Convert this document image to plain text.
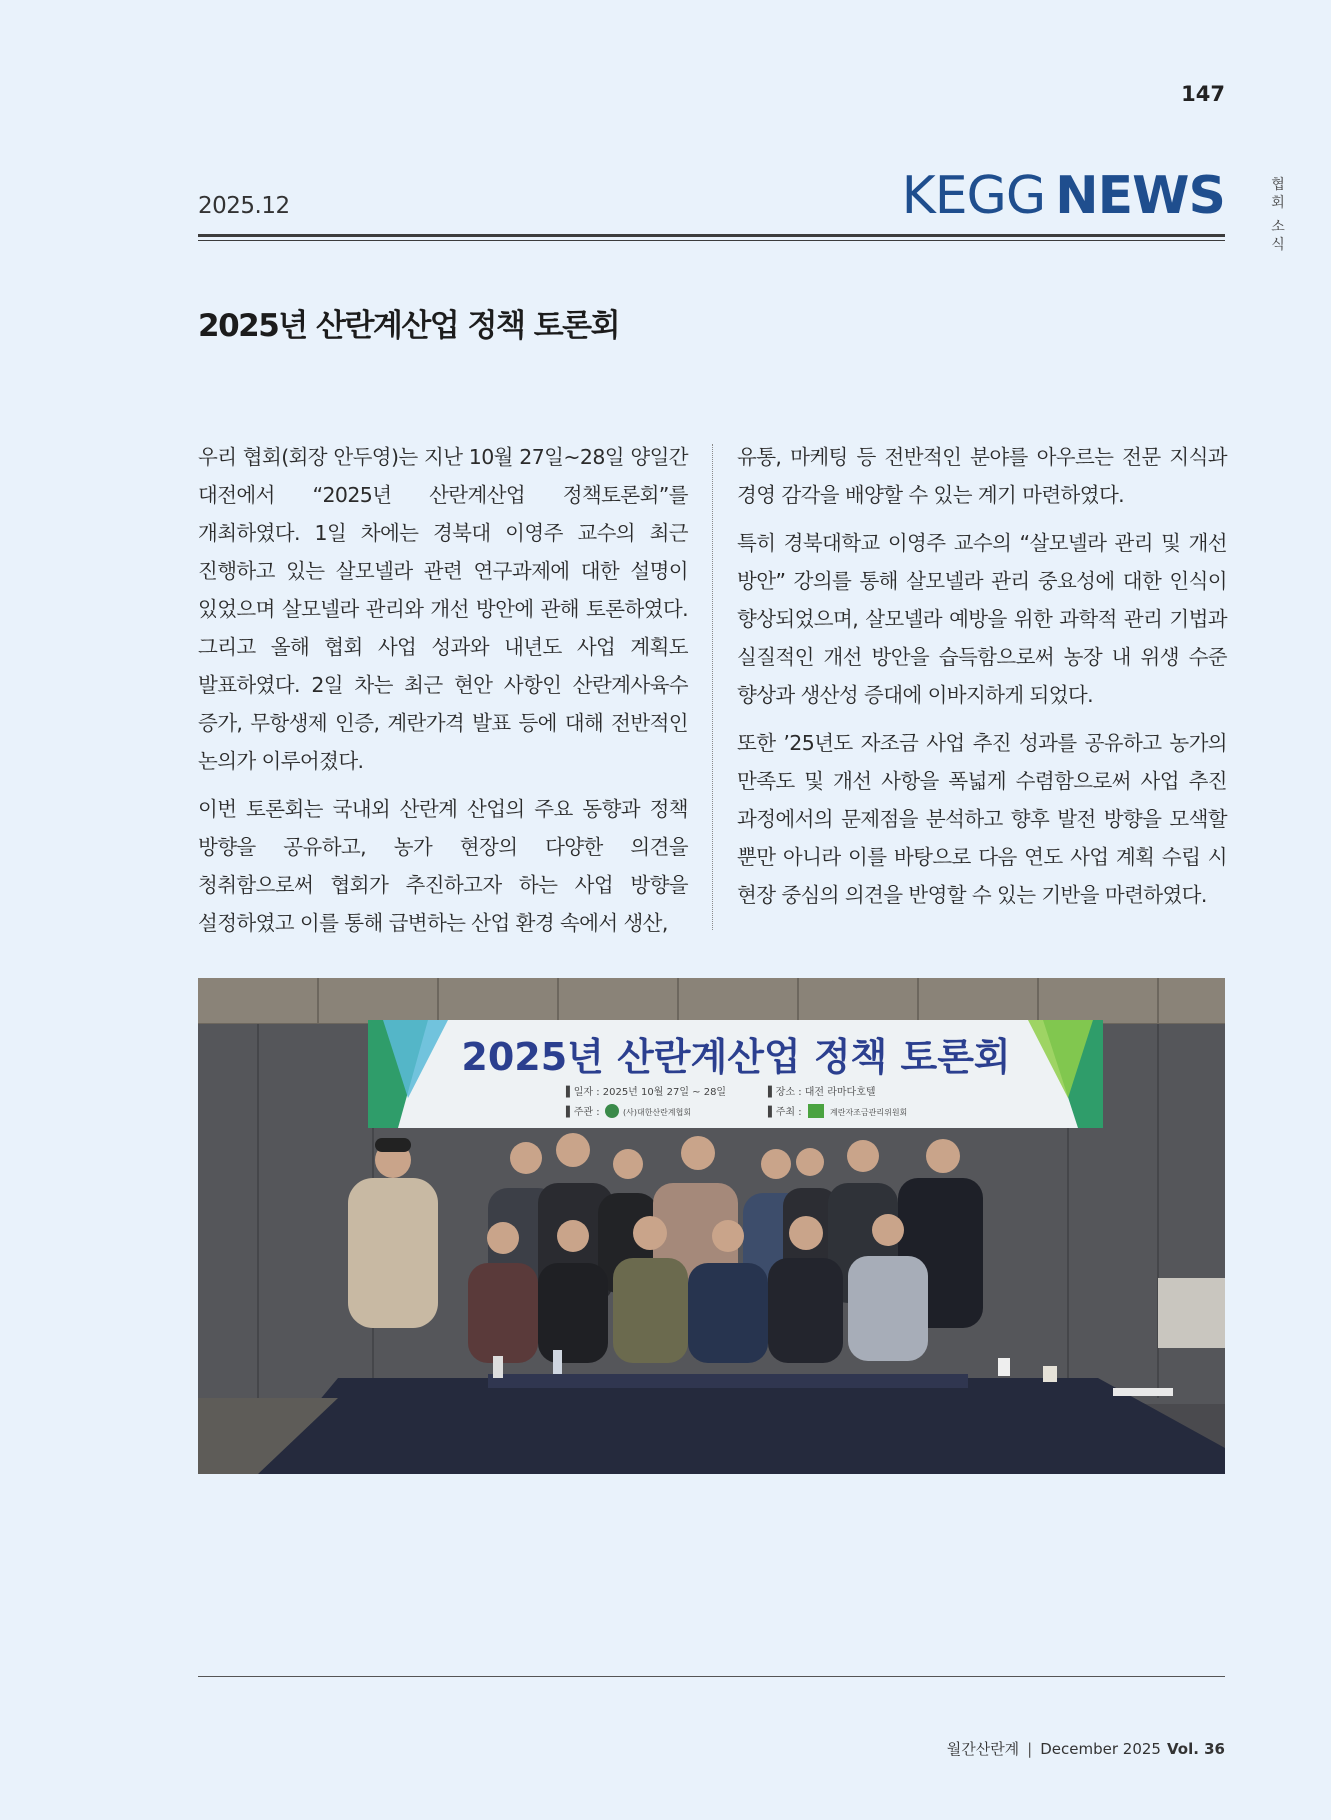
147
협
회
소
식
2025.12	KEGG NEWS
2025년 산란계산업 정책 토론회

우리 협회(회장 안두영)는 지난 10월 27일~28일 양일간 대전에서 “2025년 산란계산업 정책토론회”를 개최하였다. 1일 차에는 경북대 이영주 교수의 최근 진행하고 있는 살모넬라 관련 연구과제에 대한 설명이 있었으며 살모넬라 관리와 개선 방안에 관해 토론하였다. 그리고 올해 협회 사업 성과와 내년도 사업 계획도 발표하였다. 2일 차는 최근 현안 사항인 산란계사육수 증가, 무항생제 인증, 계란가격 발표 등에 대해 전반적인 논의가 이루어졌다.

이번 토론회는 국내외 산란계 산업의 주요 동향과 정책 방향을 공유하고, 농가 현장의 다양한 의견을 청취함으로써 협회가 추진하고자 하는 사업 방향을 설정하였고 이를 통해 급변하는 산업 환경 속에서 생산,

유통, 마케팅 등 전반적인 분야를 아우르는 전문 지식과 경영 감각을 배양할 수 있는 계기 마련하였다.

특히 경북대학교 이영주 교수의 “살모넬라 관리 및 개선 방안” 강의를 통해 살모넬라 관리 중요성에 대한 인식이 향상되었으며, 살모넬라 예방을 위한 과학적 관리 기법과 실질적인 개선 방안을 습득함으로써 농장 내 위생 수준 향상과 생산성 증대에 이바지하게 되었다.

또한 ’25년도 자조금 사업 추진 성과를 공유하고 농가의 만족도 및 개선 사항을 폭넓게 수렴함으로써 사업 추진 과정에서의 문제점을 분석하고 향후 발전 방향을 모색할 뿐만 아니라 이를 바탕으로 다음 연도 사업 계획 수립 시 현장 중심의 의견을 반영할 수 있는 기반을 마련하였다.

2025년 산란계산업 정책 토론회
▌일자 : 2025년 10월 27일 ~ 28일	▌장소 : 대전 라마다호텔
▌주관 :	(사)대한산란계협회	▌주최 :	계란자조금관리위원회
월간산란계 | December 2025 Vol. 36
